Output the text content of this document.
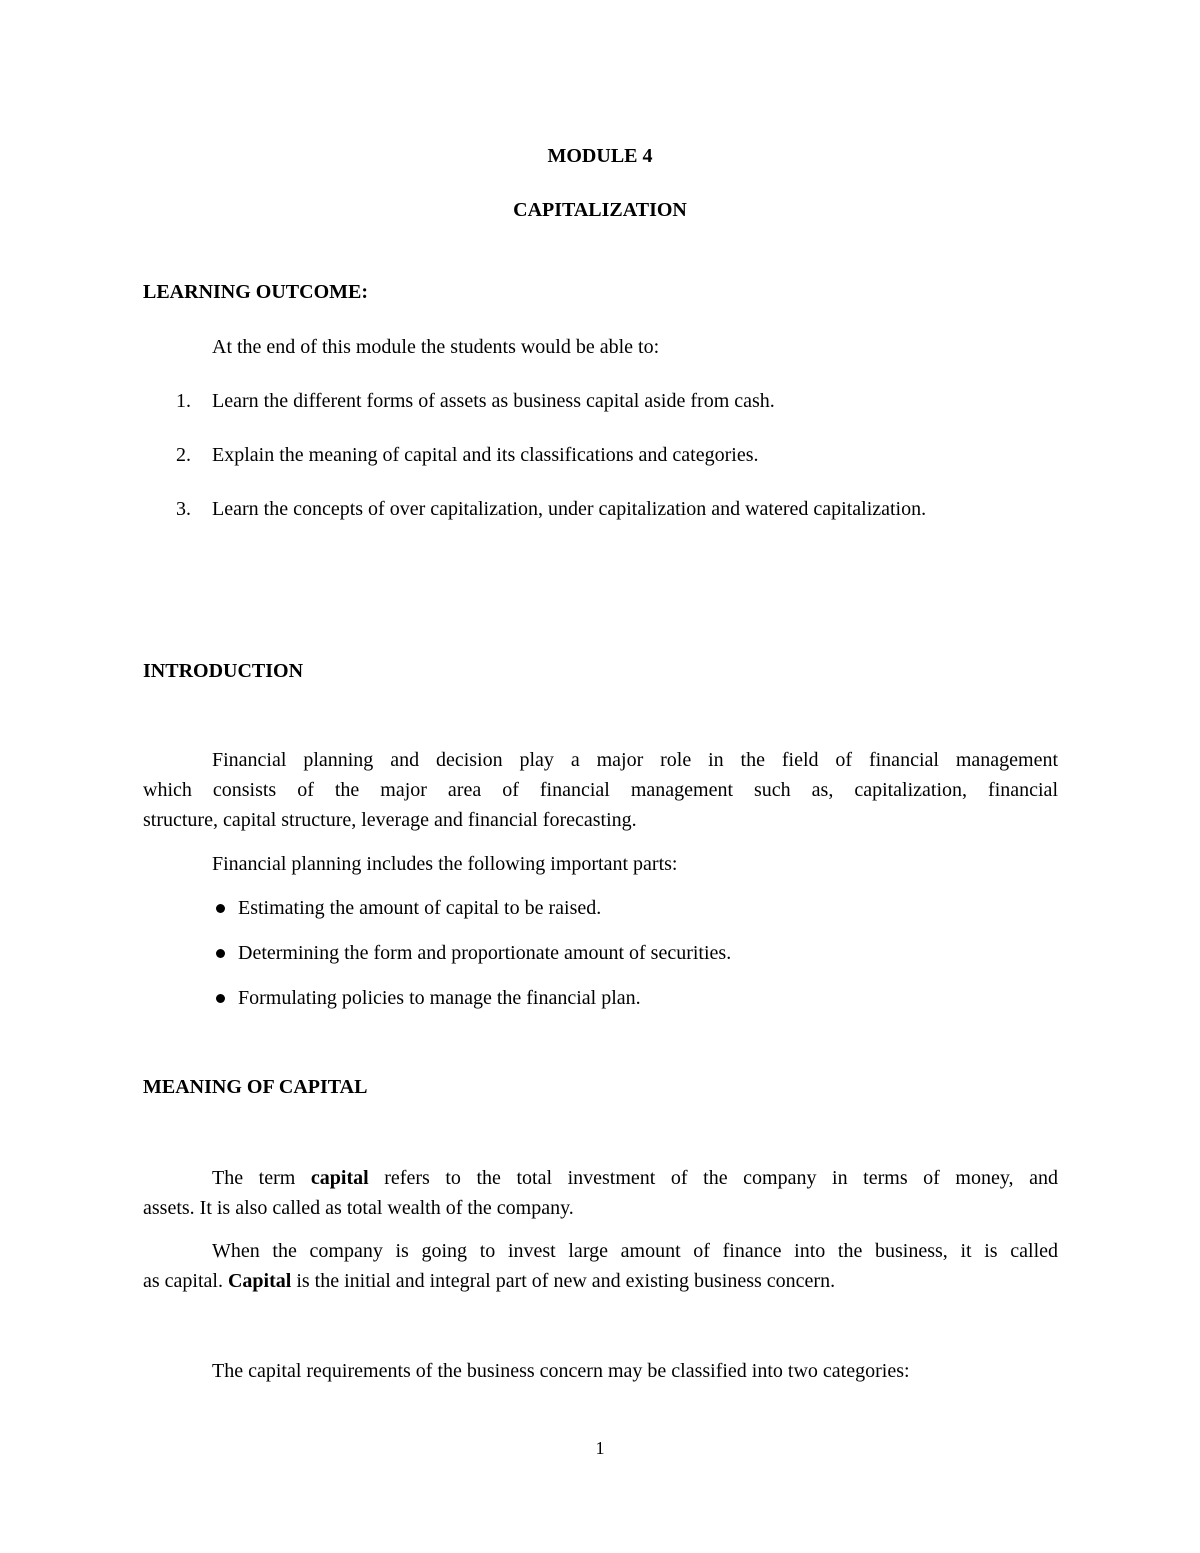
MODULE 4
CAPITALIZATION
LEARNING OUTCOME:
At the end of this module the students would be able to:
1. Learn the different forms of assets as business capital aside from cash.
2. Explain the meaning of capital and its classifications and categories.
3. Learn the concepts of over capitalization, under capitalization and watered capitalization.
INTRODUCTION
Financial planning and decision play a major role in the field of financial management
which consists of the major area of financial management such as, capitalization, financial
structure, capital structure, leverage and financial forecasting.
Financial planning includes the following important parts:
Estimating the amount of capital to be raised.
Determining the form and proportionate amount of securities.
Formulating policies to manage the financial plan.
MEANING OF CAPITAL
The term capital refers to the total investment of the company in terms of money, and
assets. It is also called as total wealth of the company.
When the company is going to invest large amount of finance into the business, it is called
as capital. Capital is the initial and integral part of new and existing business concern.
The capital requirements of the business concern may be classified into two categories:
1
